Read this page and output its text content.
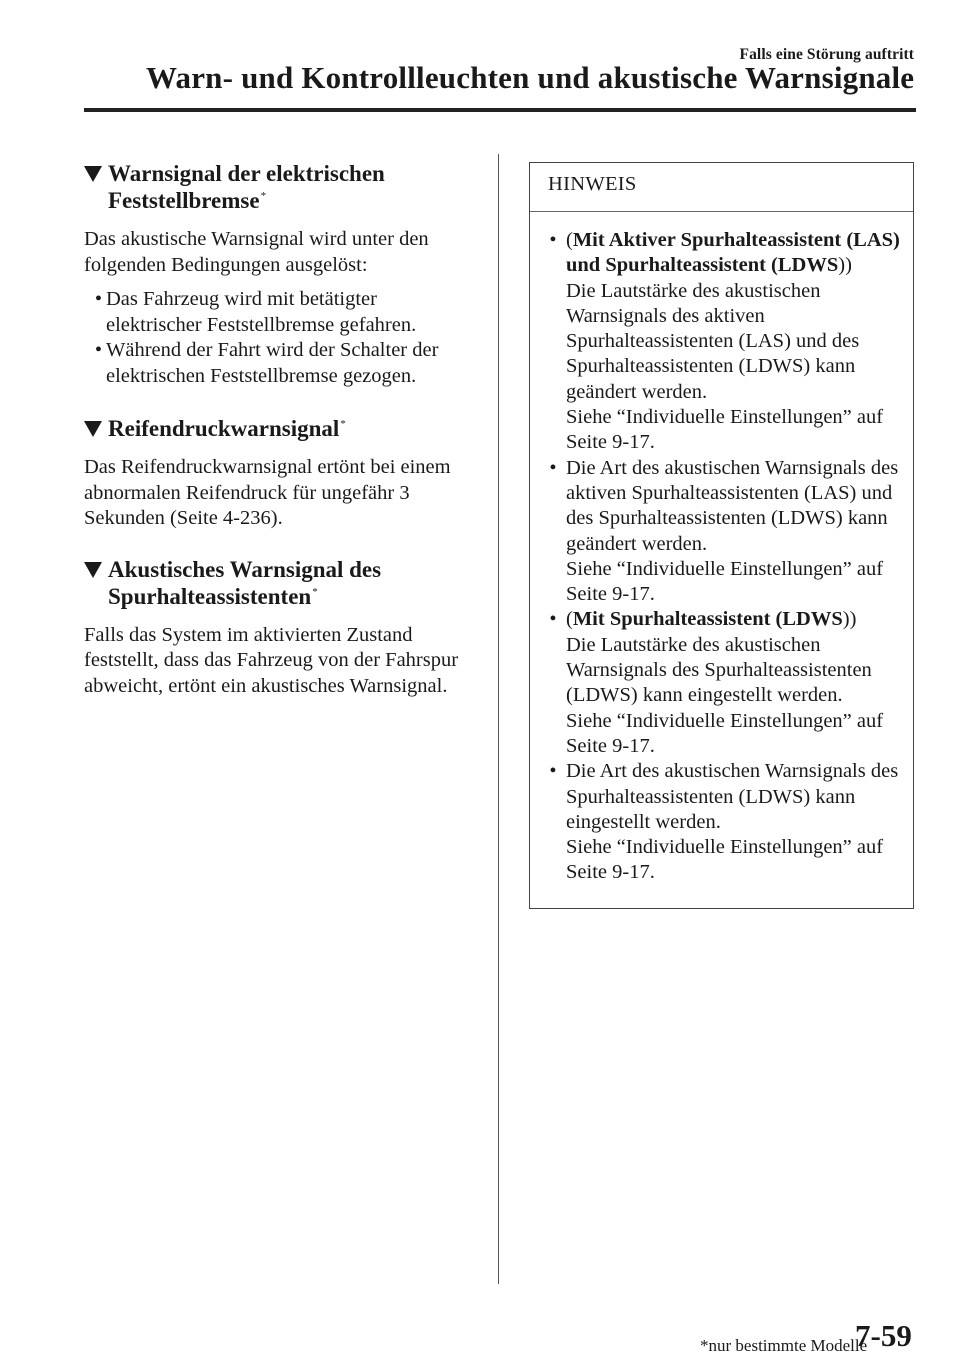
Falls eine Störung auftritt
Warn- und Kontrollleuchten und akustische Warnsignale
Warnsignal der elektrischen
Feststellbremse*
Das akustische Warnsignal wird unter den folgenden Bedingungen ausgelöst:
• Das Fahrzeug wird mit betätigter elektrischer Feststellbremse gefahren.
• Während der Fahrt wird der Schalter der elektrischen Feststellbremse gezogen.
Reifendruckwarnsignal*
Das Reifendruckwarnsignal ertönt bei einem abnormalen Reifendruck für ungefähr 3 Sekunden (Seite 4-236).
Akustisches Warnsignal des
Spurhalteassistenten*
Falls das System im aktivierten Zustand feststellt, dass das Fahrzeug von der Fahrspur abweicht, ertönt ein akustisches Warnsignal.
HINWEIS
• (Mit Aktiver Spurhalteassistent (LAS) und Spurhalteassistent (LDWS))
Die Lautstärke des akustischen Warnsignals des aktiven Spurhalteassistenten (LAS) und des Spurhalteassistenten (LDWS) kann geändert werden.
Siehe “Individuelle Einstellungen” auf Seite 9-17.
• Die Art des akustischen Warnsignals des aktiven Spurhalteassistenten (LAS) und des Spurhalteassistenten (LDWS) kann geändert werden.
Siehe “Individuelle Einstellungen” auf Seite 9-17.
• (Mit Spurhalteassistent (LDWS))
Die Lautstärke des akustischen Warnsignals des Spurhalteassistenten (LDWS) kann eingestellt werden.
Siehe “Individuelle Einstellungen” auf Seite 9-17.
• Die Art des akustischen Warnsignals des Spurhalteassistenten (LDWS) kann eingestellt werden.
Siehe “Individuelle Einstellungen” auf Seite 9-17.
*nur bestimmte Modelle
7-59
